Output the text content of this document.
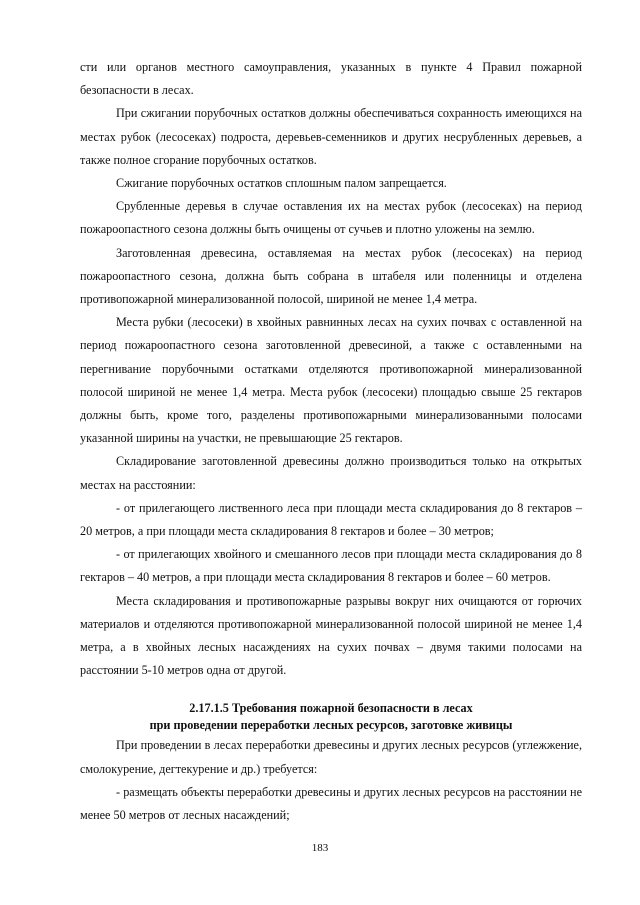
сти или органов местного самоуправления, указанных в пункте 4 Правил пожарной безопасности в лесах.

При сжигании порубочных остатков должны обеспечиваться сохранность имеющихся на местах рубок (лесосеках) подроста, деревьев-семенников и других несрубленных деревьев, а также полное сгорание порубочных остатков.

Сжигание порубочных остатков сплошным палом запрещается.

Срубленные деревья в случае оставления их на местах рубок (лесосеках) на период пожароопастного сезона должны быть очищены от сучьев и плотно уложены на землю.

Заготовленная древесина, оставляемая на местах рубок (лесосеках) на период пожароопастного сезона, должна быть собрана в штабеля или поленницы и отделена противопожарной минерализованной полосой, шириной не менее 1,4 метра.

Места рубки (лесосеки) в хвойных равнинных лесах на сухих почвах с оставленной на период пожароопастного сезона заготовленной древесиной, а также с оставленными на перегнивание порубочными остатками отделяются противопожарной минерализованной полосой шириной не менее 1,4 метра. Места рубок (лесосеки) площадью свыше 25 гектаров должны быть, кроме того, разделены противопожарными минерализованными полосами указанной ширины на участки, не превышающие 25 гектаров.

Складирование заготовленной древесины должно производиться только на открытых местах на расстоянии:

- от прилегающего лиственного леса при площади места складирования до 8 гектаров – 20 метров, а при площади места складирования 8 гектаров и более – 30 метров;

- от прилегающих хвойного и смешанного лесов при площади места складирования до 8 гектаров – 40 метров, а при площади места складирования 8 гектаров и более – 60 метров.

Места складирования и противопожарные разрывы вокруг них очищаются от горючих материалов и отделяются противопожарной минерализованной полосой шириной не менее 1,4 метра, а в хвойных лесных насаждениях на сухих почвах – двумя такими полосами на расстоянии 5-10 метров одна от другой.

2.17.1.5 Требования пожарной безопасности в лесах
при проведении переработки лесных ресурсов, заготовке живицы

При проведении в лесах переработки древесины и других лесных ресурсов (углежжение, смолокурение, дегтекурение и др.) требуется:

- размещать объекты переработки древесины и других лесных ресурсов на расстоянии не менее 50 метров от лесных насаждений;

183
